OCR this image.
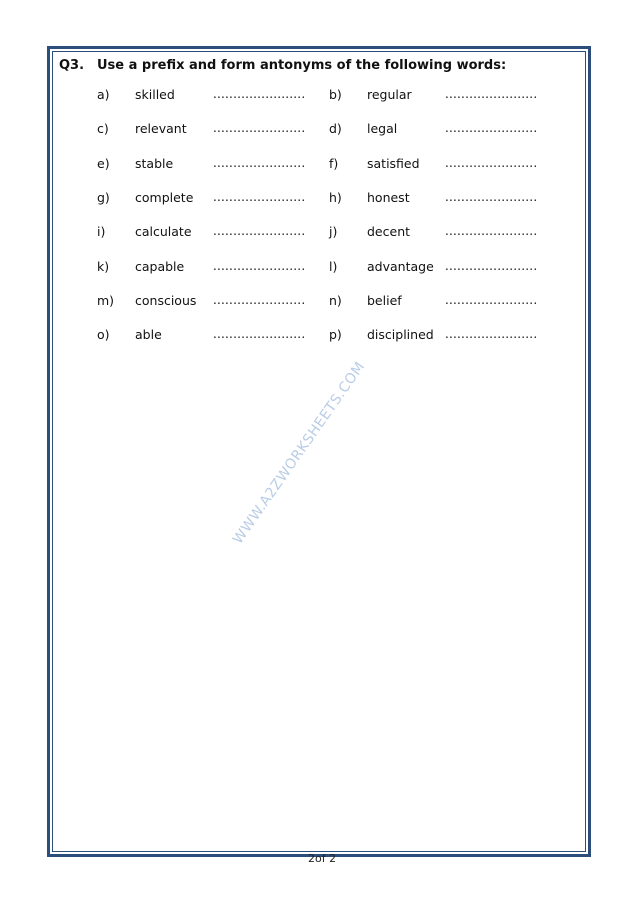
WWW.A2ZWORKSHEETS.COM
Q3. Use a prefix and form antonyms of the following words:
a) skilled	....................... b) regular	.......................
c) relevant ....................... d) legal	.......................
e) stable	....................... f) satisfied .......................
g) complete ....................... h) honest	.......................
i) calculate ....................... j) decent	.......................
k) capable ....................... l) advantage .......................
m) conscious ....................... n) belief	.......................
o) able	....................... p) disciplined .......................
2of 2
